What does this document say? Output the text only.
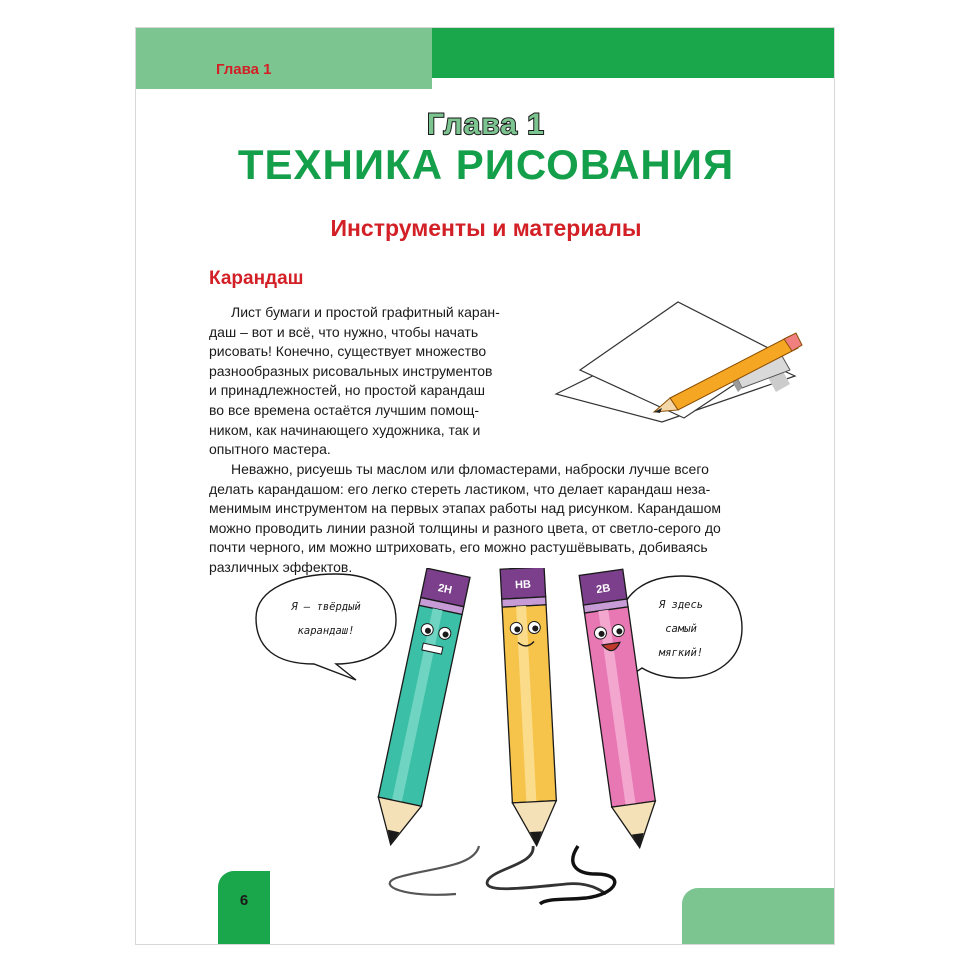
Глава 1
Глава 1
ТЕХНИКА РИСОВАНИЯ
Инструменты и материалы
Карандаш
Лист бумаги и простой графитный каран-
даш – вот и всё, что нужно, чтобы начать
рисовать! Конечно, существует множество
разнообразных рисовальных инструментов
и принадлежностей, но простой карандаш
во все времена остаётся лучшим помощ-
ником, как начинающего художника, так и
опытного мастера.
Неважно, рисуешь ты маслом или фломастерами, наброски лучше всего
делать карандашом: его легко стереть ластиком, что делает карандаш неза-
менимым инструментом на первых этапах работы над рисунком. Карандашом
можно проводить линии разной толщины и разного цвета, от светло-серого до
почти черного, им можно штриховать, его можно растушёвывать, добиваясь
различных эффектов.
Я – твёрдый
карандаш!
Я здесь
самый
мягкий!
2H	HB	2B
6
